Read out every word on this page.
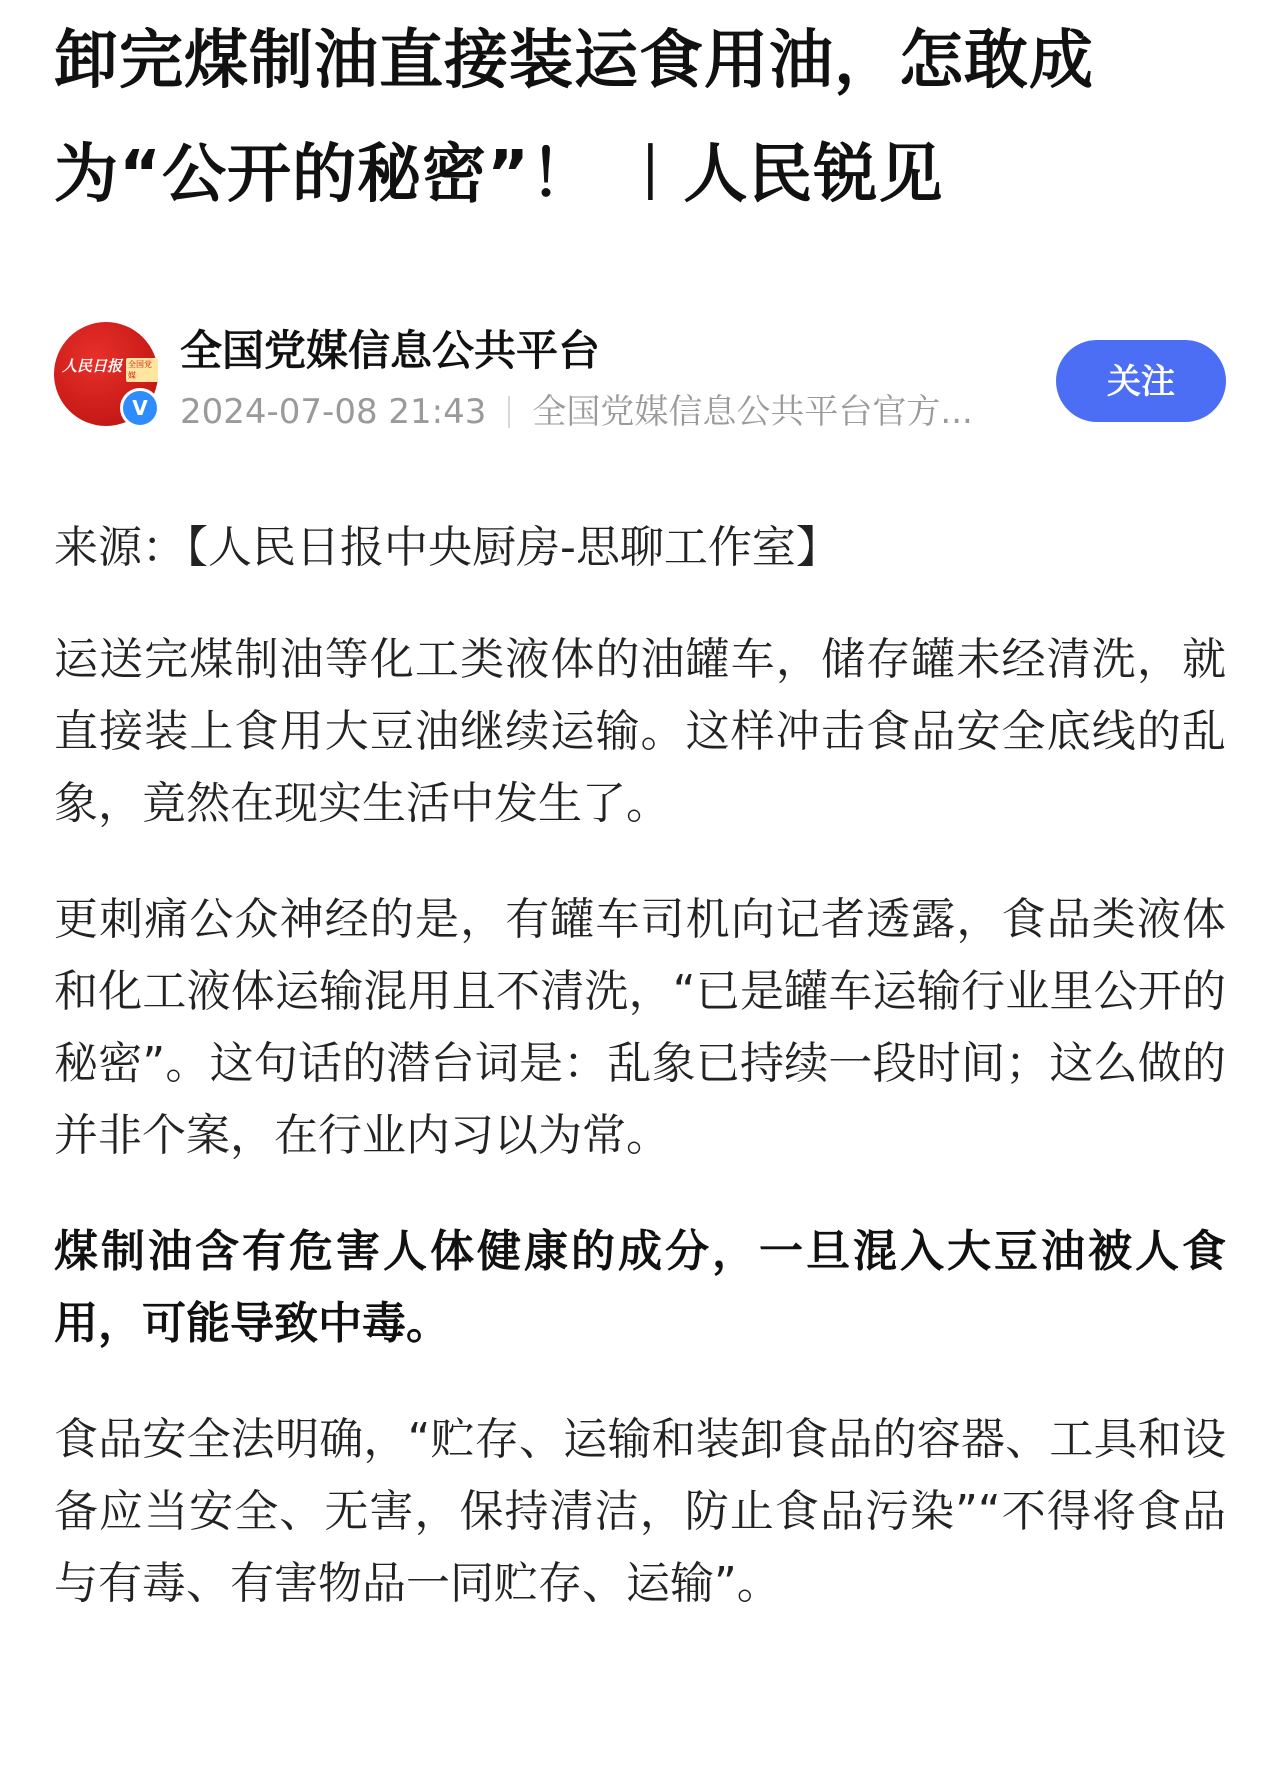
卸完煤制油直接装运食用油，怎敢成为“公开的秘密”！ ︱人民锐见
人民日报 全国党媒
V
全国党媒信息公共平台
2024-07-08 21:43 全国党媒信息公共平台官方...
关注

来源：【人民日报中央厨房-思聊工作室】

运送完煤制油等化工类液体的油罐车，储存罐未经清洗，就直接装上食用大豆油继续运输。这样冲击食品安全底线的乱象，竟然在现实生活中发生了。

更刺痛公众神经的是，有罐车司机向记者透露，食品类液体和化工液体运输混用且不清洗，“已是罐车运输行业里公开的秘密”。这句话的潜台词是：乱象已持续一段时间；这么做的并非个案，在行业内习以为常。

煤制油含有危害人体健康的成分，一旦混入大豆油被人食用，可能导致中毒。

食品安全法明确，“贮存、运输和装卸食品的容器、工具和设备应当安全、无害，保持清洁，防止食品污染”“不得将食品与有毒、有害物品一同贮存、运输”。
